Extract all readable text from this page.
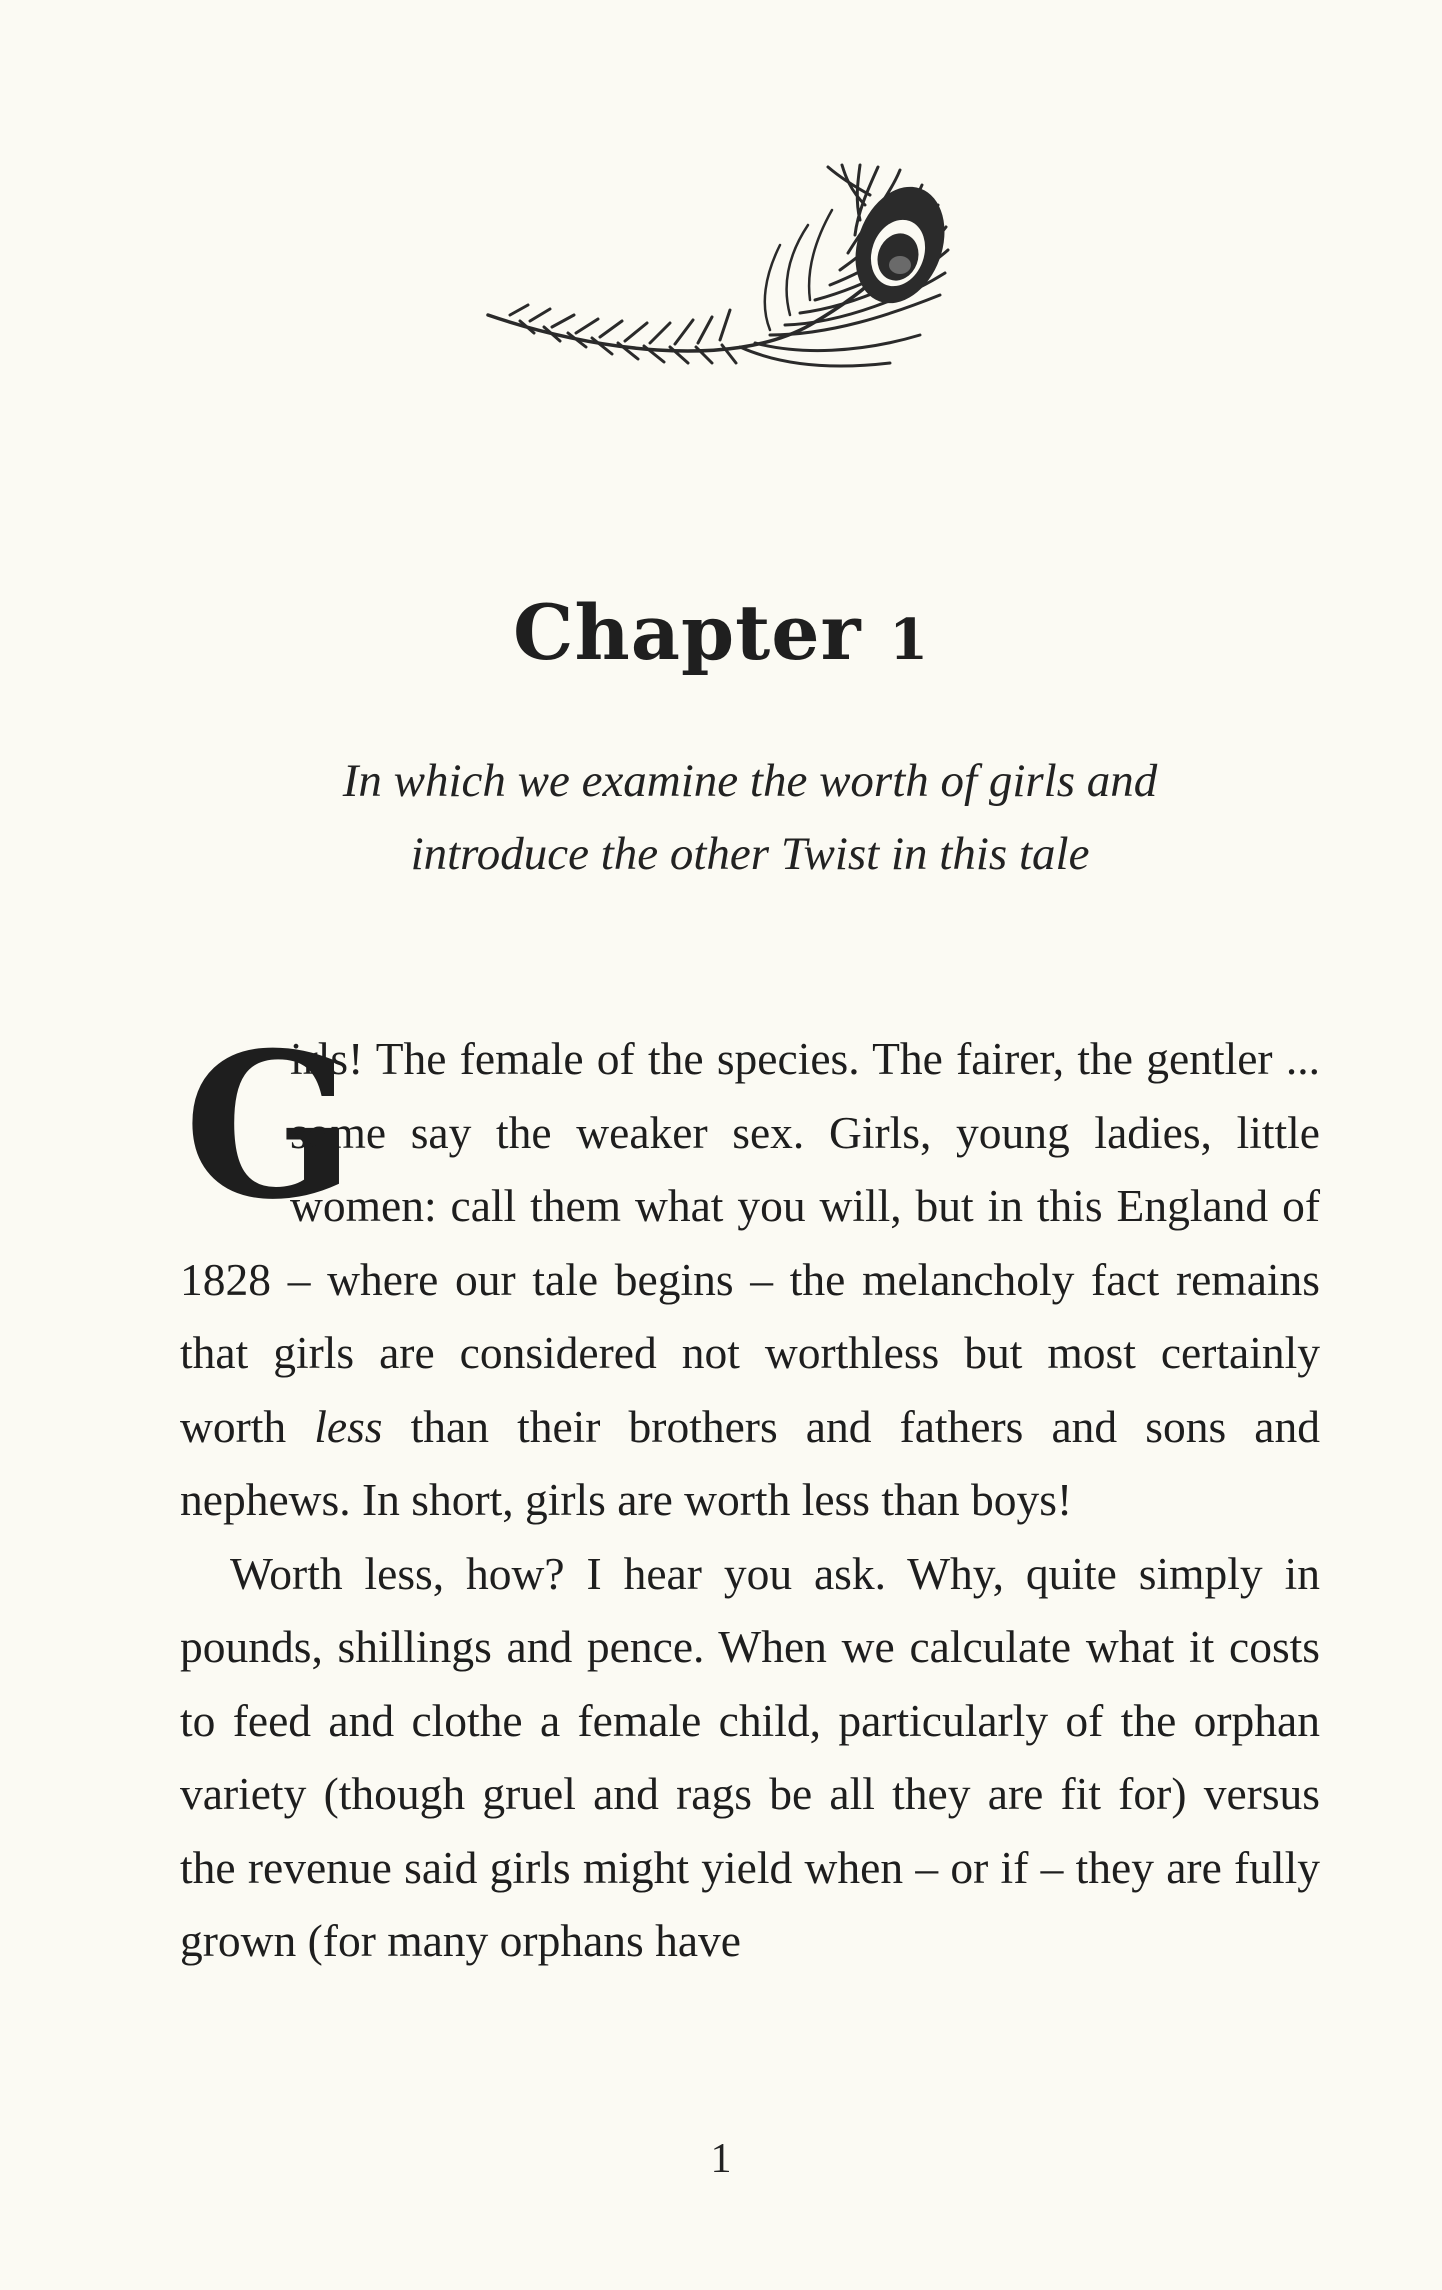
Chapter 1
In which we examine the worth of girls and
introduce the other Twist in this tale

G
irls! The female of the species. The fairer, the gentler ... some say the weaker sex. Girls, young ladies, little women: call them what you will, but in this England of 1828 – where our tale begins – the melancholy fact remains that girls are considered not worthless but most certainly worth less than their brothers and fathers and sons and nephews. In short, girls are worth less than boys!

Worth less, how? I hear you ask. Why, quite simply in pounds, shillings and pence. When we calculate what it costs to feed and clothe a female child, particularly of the orphan variety (though gruel and rags be all they are fit for) versus the revenue said girls might yield when – or if – they are fully grown (for many orphans have

1
